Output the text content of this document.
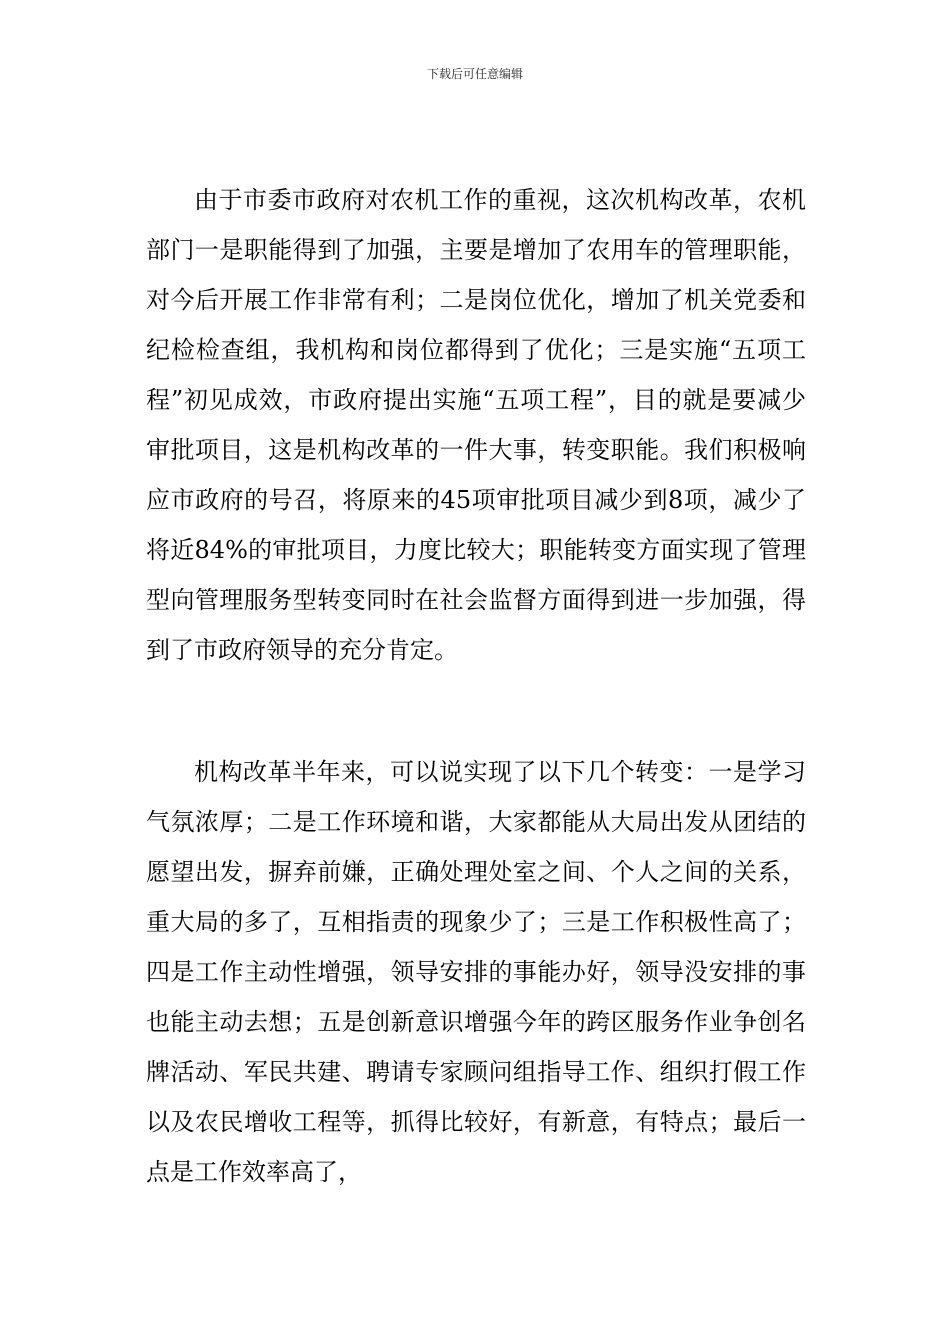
下载后可任意编辑

由于市委市政府对农机工作的重视，这次机构改革，农机部门一是职能得到了加强，主要是增加了农用车的管理职能，对今后开展工作非常有利；二是岗位优化，增加了机关党委和纪检检查组，我机构和岗位都得到了优化；三是实施“五项工程”初见成效，市政府提出实施“五项工程”，目的就是要减少审批项目，这是机构改革的一件大事，转变职能。我们积极响应市政府的号召，将原来的45项审批项目减少到8项，减少了将近84%的审批项目，力度比较大；职能转变方面实现了管理型向管理服务型转变同时在社会监督方面得到进一步加强，得到了市政府领导的充分肯定。

机构改革半年来，可以说实现了以下几个转变：一是学习气氛浓厚；二是工作环境和谐，大家都能从大局出发从团结的愿望出发，摒弃前嫌，正确处理处室之间、个人之间的关系，重大局的多了，互相指责的现象少了；三是工作积极性高了；四是工作主动性增强，领导安排的事能办好，领导没安排的事也能主动去想；五是创新意识增强今年的跨区服务作业争创名牌活动、军民共建、聘请专家顾问组指导工作、组织打假工作以及农民增收工程等，抓得比较好，有新意，有特点；最后一点是工作效率高了，
